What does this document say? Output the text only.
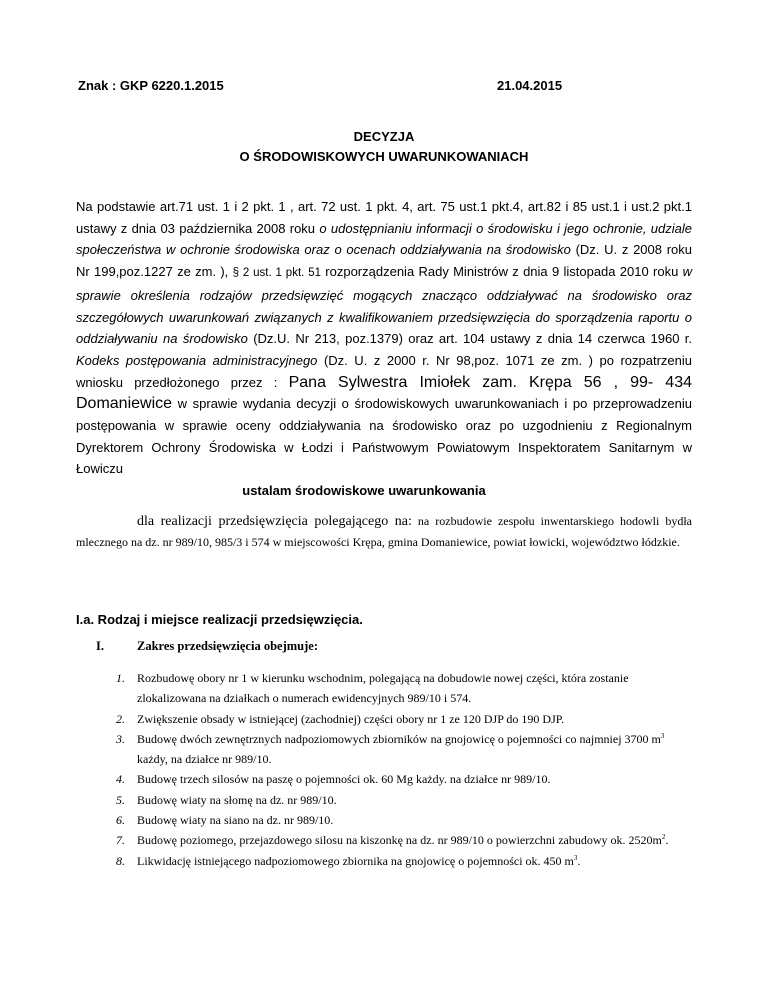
Znak : GKP 6220.1.2015	21.04.2015
DECYZJA
O ŚRODOWISKOWYCH UWARUNKOWANIACH
Na podstawie art.71 ust. 1 i 2 pkt. 1 , art. 72 ust. 1 pkt. 4, art. 75 ust.1 pkt.4, art.82 i 85 ust.1 i ust.2 pkt.1 ustawy z dnia 03 października 2008 roku o udostępnianiu informacji o środowisku i jego ochronie, udziale społeczeństwa w ochronie środowiska oraz o ocenach oddziaływania na środowisko (Dz. U. z 2008 roku Nr 199,poz.1227 ze zm. ), § 2 ust. 1 pkt. 51 rozporządzenia Rady Ministrów z dnia 9 listopada 2010 roku w sprawie określenia rodzajów przedsięwzięć mogących znacząco oddziaływać na środowisko oraz szczegółowych uwarunkowań związanych z kwalifikowaniem przedsięwzięcia do sporządzenia raportu o oddziaływaniu na środowisko (Dz.U. Nr 213, poz.1379) oraz art. 104 ustawy z dnia 14 czerwca 1960 r. Kodeks postępowania administracyjnego (Dz. U. z 2000 r. Nr 98,poz. 1071 ze zm. ) po rozpatrzeniu wniosku przedłożonego przez : Pana Sylwestra Imiołek zam. Krępa 56 , 99- 434 Domaniewice w sprawie wydania decyzji o środowiskowych uwarunkowaniach i po przeprowadzeniu postępowania w sprawie oceny oddziaływania na środowisko oraz po uzgodnieniu z Regionalnym Dyrektorem Ochrony Środowiska w Łodzi i Państwowym Powiatowym Inspektoratem Sanitarnym w Łowiczu
ustalam środowiskowe uwarunkowania
dla realizacji przedsięwzięcia polegającego na: na rozbudowie zespołu inwentarskiego hodowli bydła mlecznego na dz. nr 989/10, 985/3 i 574 w miejscowości Krępa, gmina Domaniewice, powiat łowicki, województwo łódzkie.
I.a. Rodzaj i miejsce realizacji przedsięwzięcia.
I.	Zakres przedsięwzięcia obejmuje:
1. Rozbudowę obory nr 1 w kierunku wschodnim, polegającą na dobudowie nowej części, która zostanie zlokalizowana na działkach o numerach ewidencyjnych 989/10 i 574.
2. Zwiększenie obsady w istniejącej (zachodniej) części obory nr 1 ze 120 DJP do 190 DJP.
3. Budowę dwóch zewnętrznych nadpoziomowych zbiorników na gnojowicę o pojemności co najmniej 3700 $m^3$ każdy, na działce nr 989/10.
4. Budowę trzech silosów na paszę o pojemności ok. 60 Mg każdy. na działce nr 989/10.
5. Budowę wiaty na słomę na dz. nr 989/10.
6. Budowę wiaty na siano na dz. nr 989/10.
7. Budowę poziomego, przejazdowego silosu na kiszonkę na dz. nr 989/10 o powierzchni zabudowy ok. $2520m^2$.
8. Likwidację istniejącego nadpoziomowego zbiornika na gnojowicę o pojemności ok. 450 $m^3$.
